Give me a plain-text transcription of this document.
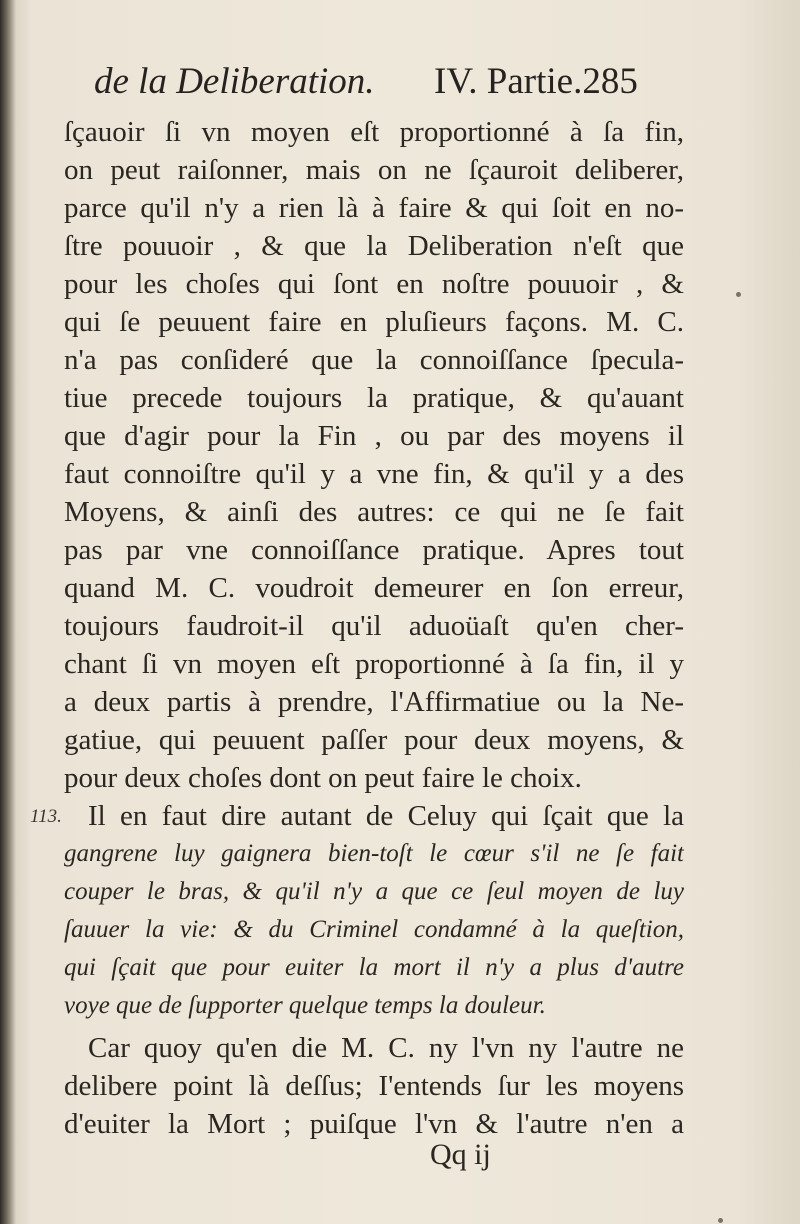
de la Deliberation. IV. Partie.285
ſçauoir ſi vn moyen eſt proportionné à ſa fin,
on peut raiſonner, mais on ne ſçauroit deliberer,
parce qu'il n'y a rien là à faire & qui ſoit en no-
ſtre pouuoir , & que la Deliberation n'eſt que
pour les choſes qui ſont en noſtre pouuoir , &
qui ſe peuuent faire en pluſieurs façons. M. C.
n'a pas conſideré que la connoiſſance ſpecula-
tiue precede toujours la pratique, & qu'auant
que d'agir pour la Fin , ou par des moyens il
faut connoiſtre qu'il y a vne fin, & qu'il y a des
Moyens, & ainſi des autres: ce qui ne ſe fait
pas par vne connoiſſance pratique. Apres tout
quand M. C. voudroit demeurer en ſon erreur,
toujours faudroit-il qu'il aduoüaſt qu'en cher-
chant ſi vn moyen eſt proportionné à ſa fin, il y
a deux partis à prendre, l'Affirmatiue ou la Ne-
gatiue, qui peuuent paſſer pour deux moyens, &
pour deux choſes dont on peut faire le choix.
113. Il en faut dire autant de Celuy qui ſçait que la
gangrene luy gaignera bien-toſt le cœur s'il ne ſe fait
couper le bras, & qu'il n'y a que ce ſeul moyen de luy
ſauuer la vie: & du Criminel condamné à la queſtion,
qui ſçait que pour euiter la mort il n'y a plus d'autre
voye que de ſupporter quelque temps la douleur.
Car quoy qu'en die M. C. ny l'vn ny l'autre ne
delibere point là deſſus; I'entends ſur les moyens
d'euiter la Mort ; puiſque l'vn & l'autre n'en a
Qq ij
